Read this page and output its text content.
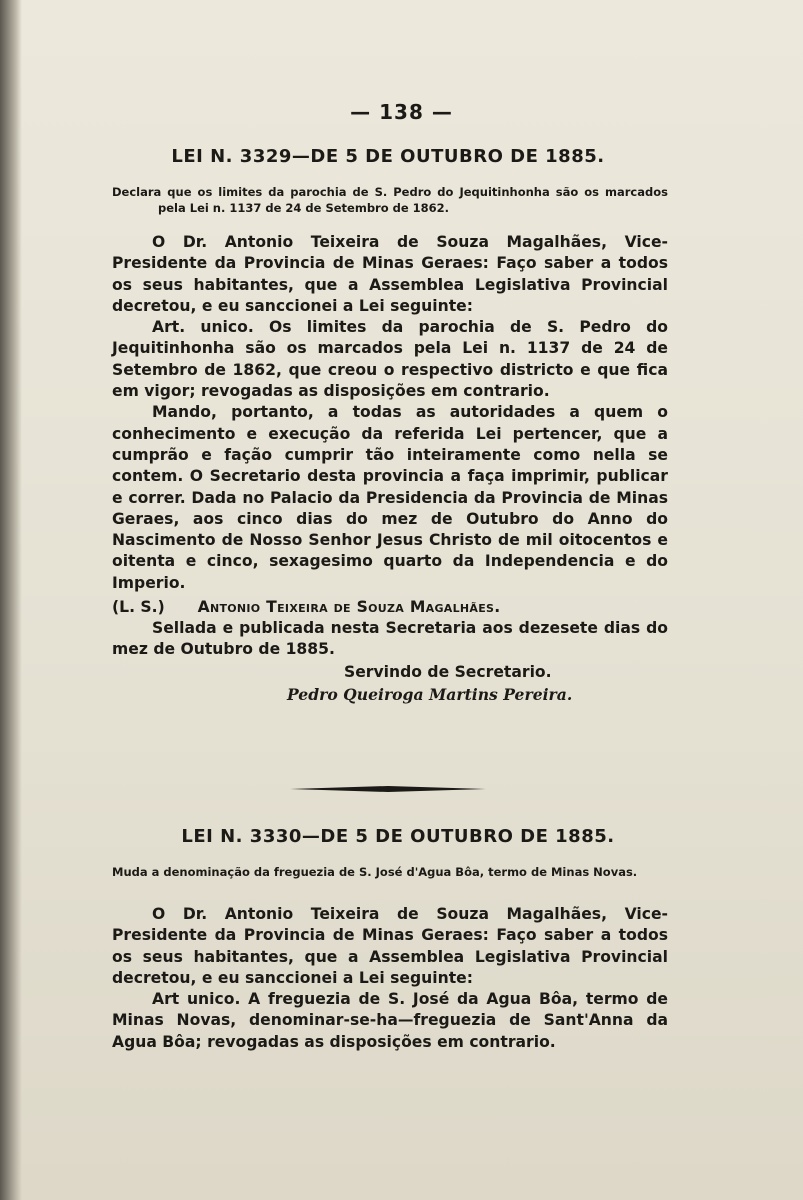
— 138 —
LEI N. 3329—DE 5 DE OUTUBRO DE 1885.
Declara que os limites da parochia de S. Pedro do Jequitinhonha são os marcados pela Lei n. 1137 de 24 de Setembro de 1862.

O Dr. Antonio Teixeira de Souza Magalhães, Vice-Presidente da Provincia de Minas Geraes: Faço saber a todos os seus habitantes, que a Assemblea Legislativa Provincial decretou, e eu sanccionei a Lei seguinte:

Art. unico. Os limites da parochia de S. Pedro do Jequitinhonha são os marcados pela Lei n. 1137 de 24 de Setembro de 1862, que creou o respectivo districto e que fica em vigor; revogadas as disposições em contrario.

Mando, portanto, a todas as autoridades a quem o conhecimento e execução da referida Lei pertencer, que a cumprão e fação cumprir tão inteiramente como nella se contem. O Secretario desta provincia a faça imprimir, publicar e correr. Dada no Palacio da Presidencia da Provincia de Minas Geraes, aos cinco dias do mez de Outubro do Anno do Nascimento de Nosso Senhor Jesus Christo de mil oitocentos e oitenta e cinco, sexagesimo quarto da Independencia e do Imperio.

(L. S.) Antonio Teixeira de Souza Magalhães.

Sellada e publicada nesta Secretaria aos dezesete dias do mez de Outubro de 1885.

Servindo de Secretario.
Pedro Queiroga Martins Pereira.
LEI N. 3330—DE 5 DE OUTUBRO DE 1885.
Muda a denominação da freguezia de S. José d'Agua Bôa, termo de Minas Novas.

O Dr. Antonio Teixeira de Souza Magalhães, Vice-Presidente da Provincia de Minas Geraes: Faço saber a todos os seus habitantes, que a Assemblea Legislativa Provincial decretou, e eu sanccionei a Lei seguinte:

Art unico. A freguezia de S. José da Agua Bôa, termo de Minas Novas, denominar-se-ha—freguezia de Sant'Anna da Agua Bôa; revogadas as disposições em contrario.
